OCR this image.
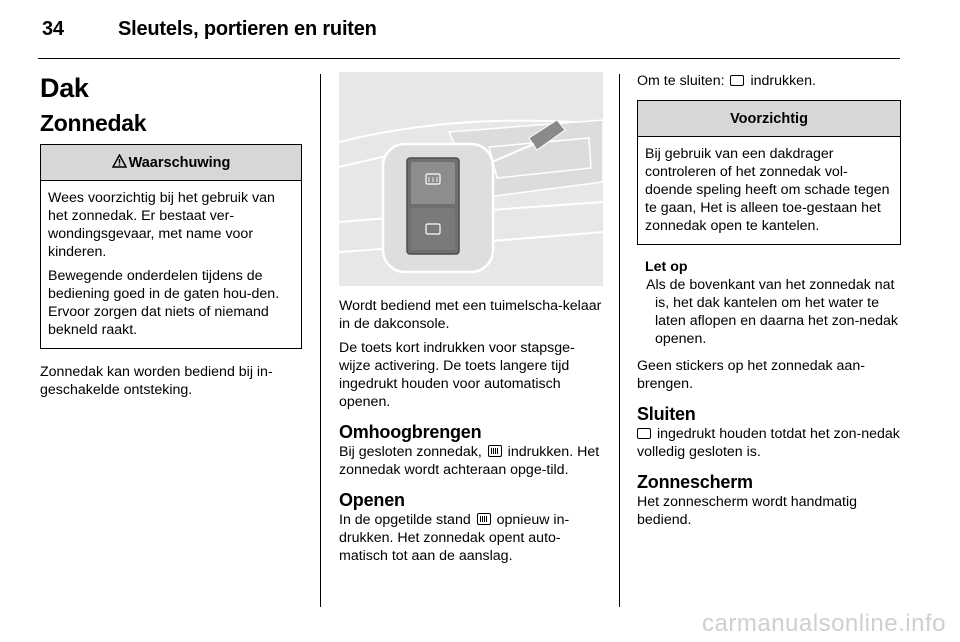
34	Sleutels, portieren en ruiten
Dak
Zonnedak
Waarschuwing

Wees voorzichtig bij het gebruik van het zonnedak. Er bestaat ver-wondingsgevaar, met name voor kinderen.

Bewegende onderdelen tijdens de bediening goed in de gaten hou-den. Ervoor zorgen dat niets of niemand bekneld raakt.

Zonnedak kan worden bediend bij in-geschakelde ontsteking.

Wordt bediend met een tuimelscha-kelaar in de dakconsole.

De toets kort indrukken voor stapsge-wijze activering. De toets langere tijd ingedrukt houden voor automatisch openen.

Omhoogbrengen

Bij gesloten zonnedak, indrukken. Het zonnedak wordt achteraan opge-tild.

Openen

In de opgetilde stand opnieuw in-drukken. Het zonnedak opent auto-matisch tot aan de aanslag.

Om te sluiten: indrukken.

Voorzichtig

Bij gebruik van een dakdrager controleren of het zonnedak vol-doende speling heeft om schade tegen te gaan, Het is alleen toe-gestaan het zonnedak open te kantelen.

Let op

Als de bovenkant van het zonnedak nat is, het dak kantelen om het water te laten aflopen en daarna het zon-nedak openen.

Geen stickers op het zonnedak aan-brengen.

Sluiten

ingedrukt houden totdat het zon-nedak volledig gesloten is.

Zonnescherm

Het zonnescherm wordt handmatig bediend.

carmanualsonline.info
